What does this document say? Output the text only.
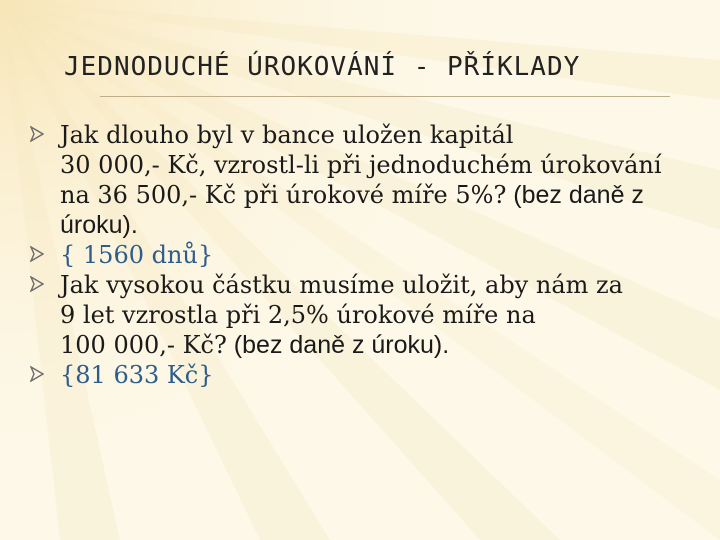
JEDNODUCHÉ ÚROKOVÁNÍ - PŘÍKLADY
Jak dlouho byl v bance uložen kapitál
30 000,- Kč, vzrostl-li při jednoduchém úrokování
na 36 500,- Kč při úrokové míře 5%? (bez daně z
úroku).
{ 1560 dnů}
Jak vysokou částku musíme uložit, aby nám za
9 let vzrostla při 2,5% úrokové míře na
100 000,- Kč? (bez daně z úroku).
{81 633 Kč}
